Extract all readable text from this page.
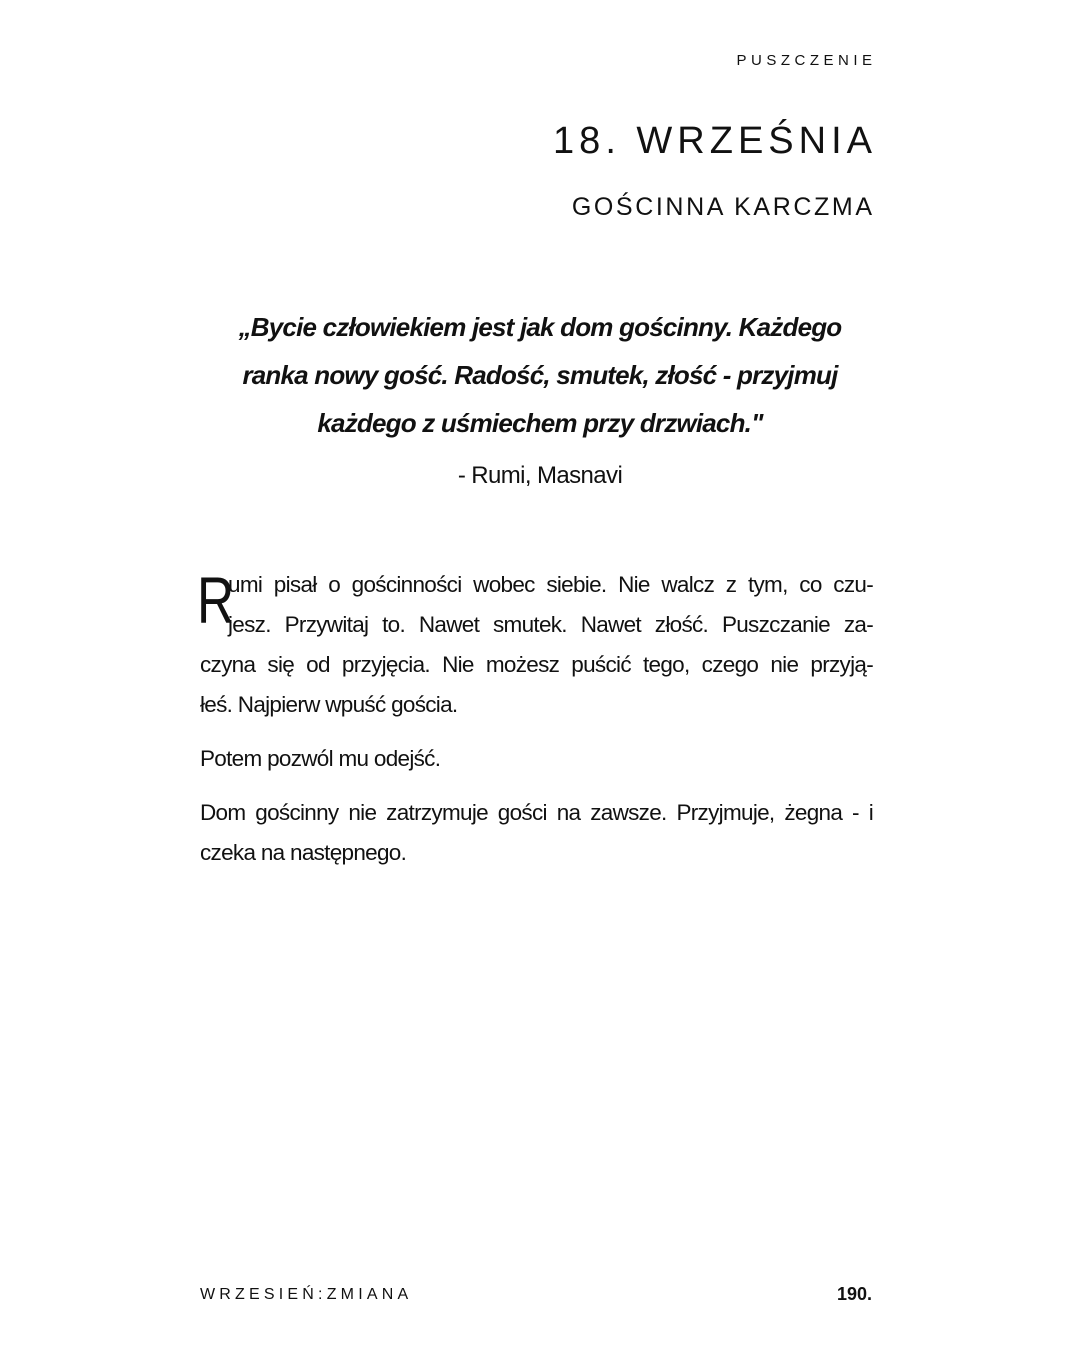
PUSZCZENIE
18. WRZEŚNIA
GOŚCINNA KARCZMA
„Bycie człowiekiem jest jak dom gościnny. Każdego
ranka nowy gość. Radość, smutek, złość - przyjmuj
każdego z uśmiechem przy drzwiach."
- Rumi, Masnavi
R
umi pisał o gościnności wobec siebie. Nie walcz z tym, co czu-
jesz. Przywitaj to. Nawet smutek. Nawet złość. Puszczanie za-
czyna się od przyjęcia. Nie możesz puścić tego, czego nie przyją-
łeś. Najpierw wpuść gościa.
Potem pozwól mu odejść.
Dom gościnny nie zatrzymuje gości na zawsze. Przyjmuje, żegna - i
czeka na następnego.
WRZESIEŃ:ZMIANA	190.
